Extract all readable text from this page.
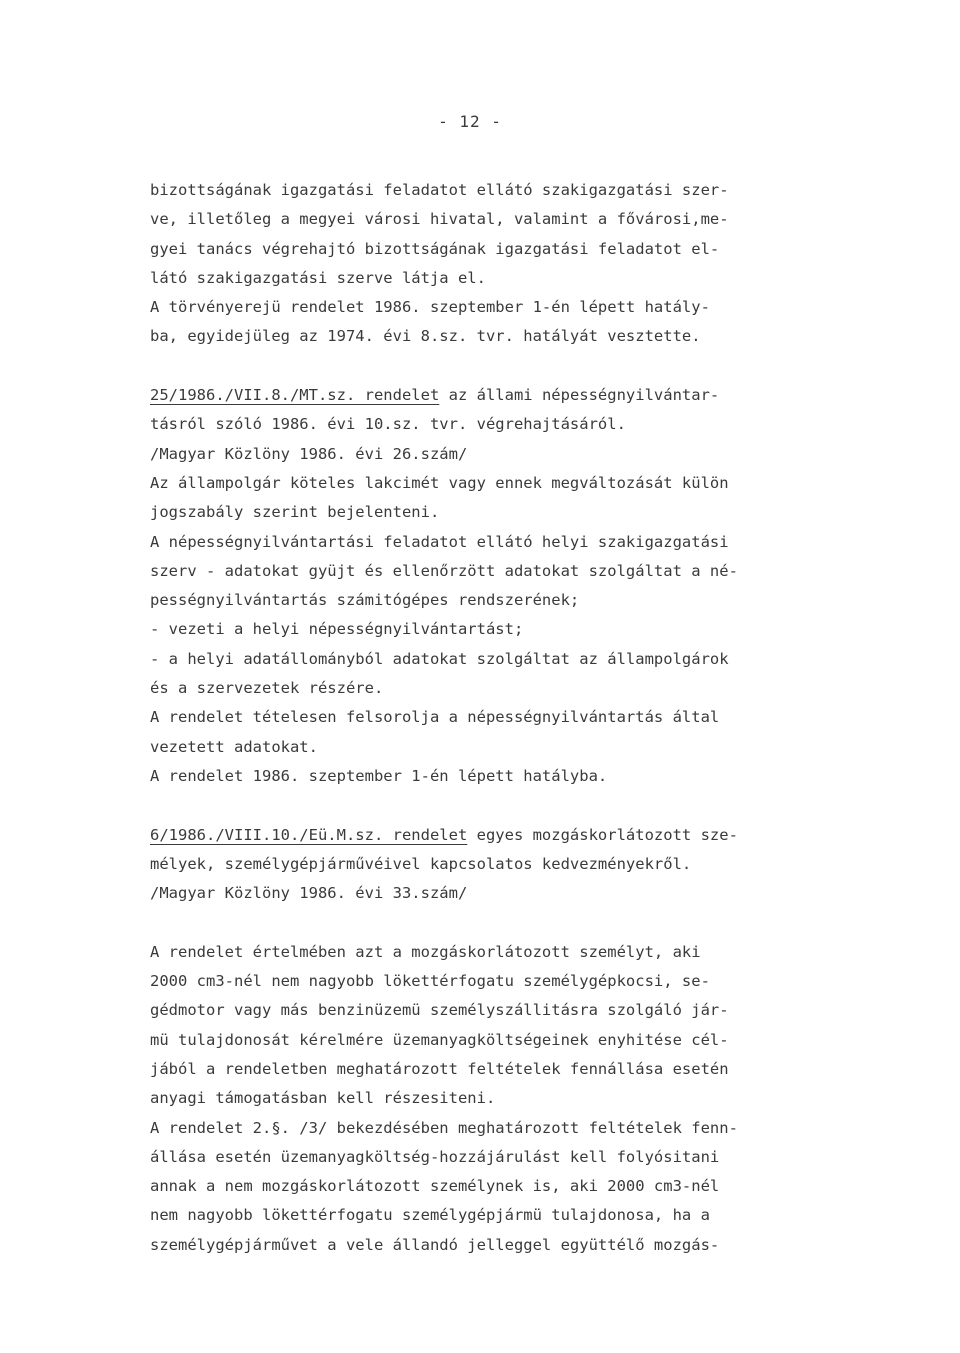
- 12 -
bizottságának igazgatási feladatot ellátó szakigazgatási szer-
ve, illetőleg a megyei városi hivatal, valamint a fővárosi,me-
gyei tanács végrehajtó bizottságának igazgatási feladatot el-
látó szakigazgatási szerve látja el.
A törvényerejü rendelet 1986. szeptember 1-én lépett hatály-
ba, egyidejüleg az 1974. évi 8.sz. tvr. hatályát vesztette.
25/1986./VII.8./MT.sz. rendelet az állami népességnyilvántar-
tásról szóló 1986. évi 10.sz. tvr. végrehajtásáról.
/Magyar Közlöny 1986. évi 26.szám/
Az állampolgár köteles lakcimét vagy ennek megváltozását külön
jogszabály szerint bejelenteni.
A népességnyilvántartási feladatot ellátó helyi szakigazgatási
szerv - adatokat gyüjt és ellenőrzött adatokat szolgáltat a né-
pességnyilvántartás számitógépes rendszerének;
- vezeti a helyi népességnyilvántartást;
- a helyi adatállományból adatokat szolgáltat az állampolgárok
és a szervezetek részére.
A rendelet tételesen felsorolja a népességnyilvántartás által
vezetett adatokat.
A rendelet 1986. szeptember 1-én lépett hatályba.
6/1986./VIII.10./Eü.M.sz. rendelet egyes mozgáskorlátozott sze-
mélyek, személygépjárművéivel kapcsolatos kedvezményekről.
/Magyar Közlöny 1986. évi 33.szám/
A rendelet értelmében azt a mozgáskorlátozott személyt, aki
2000 cm3-nél nem nagyobb lökettérfogatu személygépkocsi, se-
gédmotor vagy más benzinüzemü személyszállitásra szolgáló jár-
mü tulajdonosát kérelmére üzemanyagköltségeinek enyhitése cél-
jából a rendeletben meghatározott feltételek fennállása esetén
anyagi támogatásban kell részesiteni.
A rendelet 2.§. /3/ bekezdésében meghatározott feltételek fenn-
állása esetén üzemanyagköltség-hozzájárulást kell folyósitani
annak a nem mozgáskorlátozott személynek is, aki 2000 cm3-nél
nem nagyobb lökettérfogatu személygépjármü tulajdonosa, ha a
személygépjárművet a vele állandó jelleggel együttélő mozgás-
